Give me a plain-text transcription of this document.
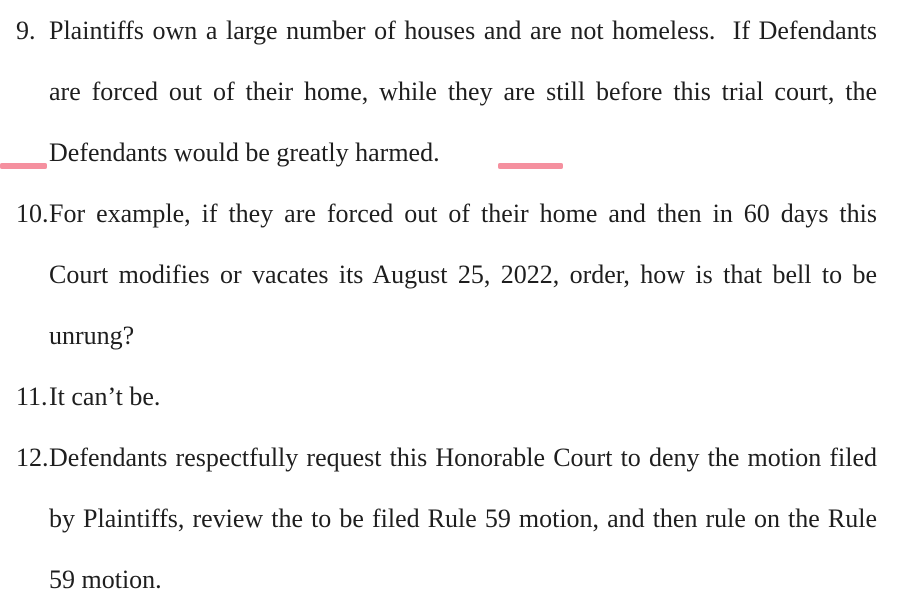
9. Plaintiffs own a large number of houses and are not homeless.  If Defendants
are forced out of their home, while they are still before this trial court, the
Defendants would be greatly harmed.
10. For example, if they are forced out of their home and then in 60 days this
Court modifies or vacates its August 25, 2022, order, how is that bell to be
unrung?
11. It can’t be.
12. Defendants respectfully request this Honorable Court to deny the motion filed
by Plaintiffs, review the to be filed Rule 59 motion, and then rule on the Rule
59 motion.
